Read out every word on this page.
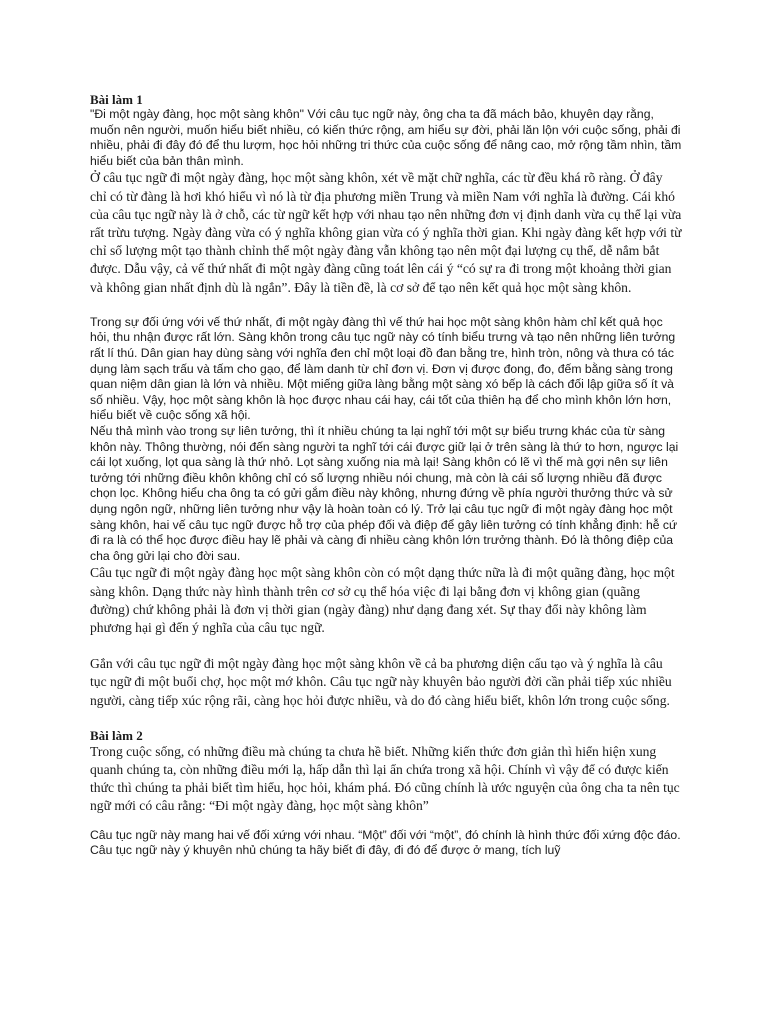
Bài làm 1

"Đi một ngày đàng, học một sàng khôn" Với câu tục ngữ này, ông cha ta đã mách bảo, khuyên dạy rằng, muốn nên người, muốn hiểu biết nhiều, có kiến thức rộng, am hiểu sự đời, phải lăn lộn với cuộc sống, phải đi nhiều, phải đi đây đó để thu lượm, học hỏi những tri thức của cuộc sống để nâng cao, mở rộng tầm nhìn, tầm hiểu biết của bản thân mình.

Ở câu tục ngữ đi một ngày đàng, học một sàng khôn, xét về mặt chữ nghĩa, các từ đều khá rõ ràng. Ở đây chỉ có từ đàng là hơi khó hiểu vì nó là từ địa phương miền Trung và miền Nam với nghĩa là đường. Cái khó của câu tục ngữ này là ở chỗ, các từ ngữ kết hợp với nhau tạo nên những đơn vị định danh vừa cụ thể lại vừa rất trừu tượng. Ngày đàng vừa có ý nghĩa không gian vừa có ý nghĩa thời gian. Khi ngày đàng kết hợp với từ chỉ số lượng một tạo thành chỉnh thể một ngày đàng vẫn không tạo nên một đại lượng cụ thể, dễ nắm bắt được. Dẫu vậy, cả vế thứ nhất đi một ngày đàng cũng toát lên cái ý “có sự ra đi trong một khoảng thời gian và không gian nhất định dù là ngắn”. Đây là tiền đề, là cơ sở để tạo nên kết quả học một sàng khôn.

Trong sự đối ứng với vế thứ nhất, đi một ngày đàng thì vế thứ hai học một sàng khôn hàm chỉ kết quả học hỏi, thu nhận được rất lớn. Sàng khôn trong câu tục ngữ này có tính biểu trưng và tạo nên những liên tưởng rất lí thú. Dân gian hay dùng sàng với nghĩa đen chỉ một loại đồ đan bằng tre, hình tròn, nông và thưa có tác dụng làm sạch trấu và tấm cho gạo, để làm danh từ chỉ đơn vị. Đơn vị được đong, đo, đếm bằng sàng trong quan niệm dân gian là lớn và nhiều. Một miếng giữa làng bằng một sàng xó bếp là cách đối lập giữa số ít và số nhiều. Vậy, học một sàng khôn là học được nhau cái hay, cái tốt của thiên hạ để cho mình khôn lớn hơn, hiểu biết về cuộc sống xã hội.

Nếu thả mình vào trong sự liên tưởng, thì ít nhiều chúng ta lại nghĩ tới một sự biểu trưng khác của từ sàng khôn này. Thông thường, nói đến sàng người ta nghĩ tới cái được giữ lại ở trên sàng là thứ to hơn, ngược lại cái lọt xuống, lọt qua sàng là thứ nhỏ. Lọt sàng xuống nia mà lại! Sàng khôn có lẽ vì thế mà gợi nên sự liên tưởng tới những điều khôn không chỉ có số lượng nhiều nói chung, mà còn là cái số lượng nhiều đã được chọn lọc. Không hiểu cha ông ta có gửi gắm điều này không, nhưng đứng về phía người thưởng thức và sử dụng ngôn ngữ, những liên tưởng như vậy là hoàn toàn có lý. Trở lại câu tục ngữ đi một ngày đàng học một sàng khôn, hai vế câu tục ngữ được hỗ trợ của phép đối và điệp để gây liên tưởng có tính khẳng định: hễ cứ đi ra là có thể học được điều hay lẽ phải và càng đi nhiều càng khôn lớn trưởng thành. Đó là thông điệp của cha ông gửi lại cho đời sau.

Câu tục ngữ đi một ngày đàng học một sàng khôn còn có một dạng thức nữa là đi một quãng đàng, học một sàng khôn. Dạng thức này hình thành trên cơ sở cụ thể hóa việc đi lại bằng đơn vị không gian (quãng đường) chứ không phải là đơn vị thời gian (ngày đàng) như dạng đang xét. Sự thay đổi này không làm phương hại gì đến ý nghĩa của câu tục ngữ.

Gắn với câu tục ngữ đi một ngày đàng học một sàng khôn về cả ba phương diện cấu tạo và ý nghĩa là câu tục ngữ đi một buổi chợ, học một mớ khôn. Câu tục ngữ này khuyên bảo người đời cần phải tiếp xúc nhiều người, càng tiếp xúc rộng rãi, càng học hỏi được nhiều, và do đó càng hiểu biết, khôn lớn trong cuộc sống.

Bài làm 2

Trong cuộc sống, có những điều mà chúng ta chưa hề biết. Những kiến thức đơn giản thì hiển hiện xung quanh chúng ta, còn những điều mới lạ, hấp dẫn thì lại ẩn chứa trong xã hội. Chính vì vậy để có được kiến thức thì chúng ta phải biết tìm hiểu, học hỏi, khám phá. Đó cũng chính là ước nguyện của ông cha ta nên tục ngữ mới có câu rằng: “Đi một ngày đàng, học một sàng khôn”

Câu tục ngữ này mang hai vế đối xứng với nhau. “Một” đối với “một”, đó chính là hình thức đối xứng độc đáo. Câu tục ngữ này ý khuyên nhủ chúng ta hãy biết đi đây, đi đó để được ở mang, tích luỹ
